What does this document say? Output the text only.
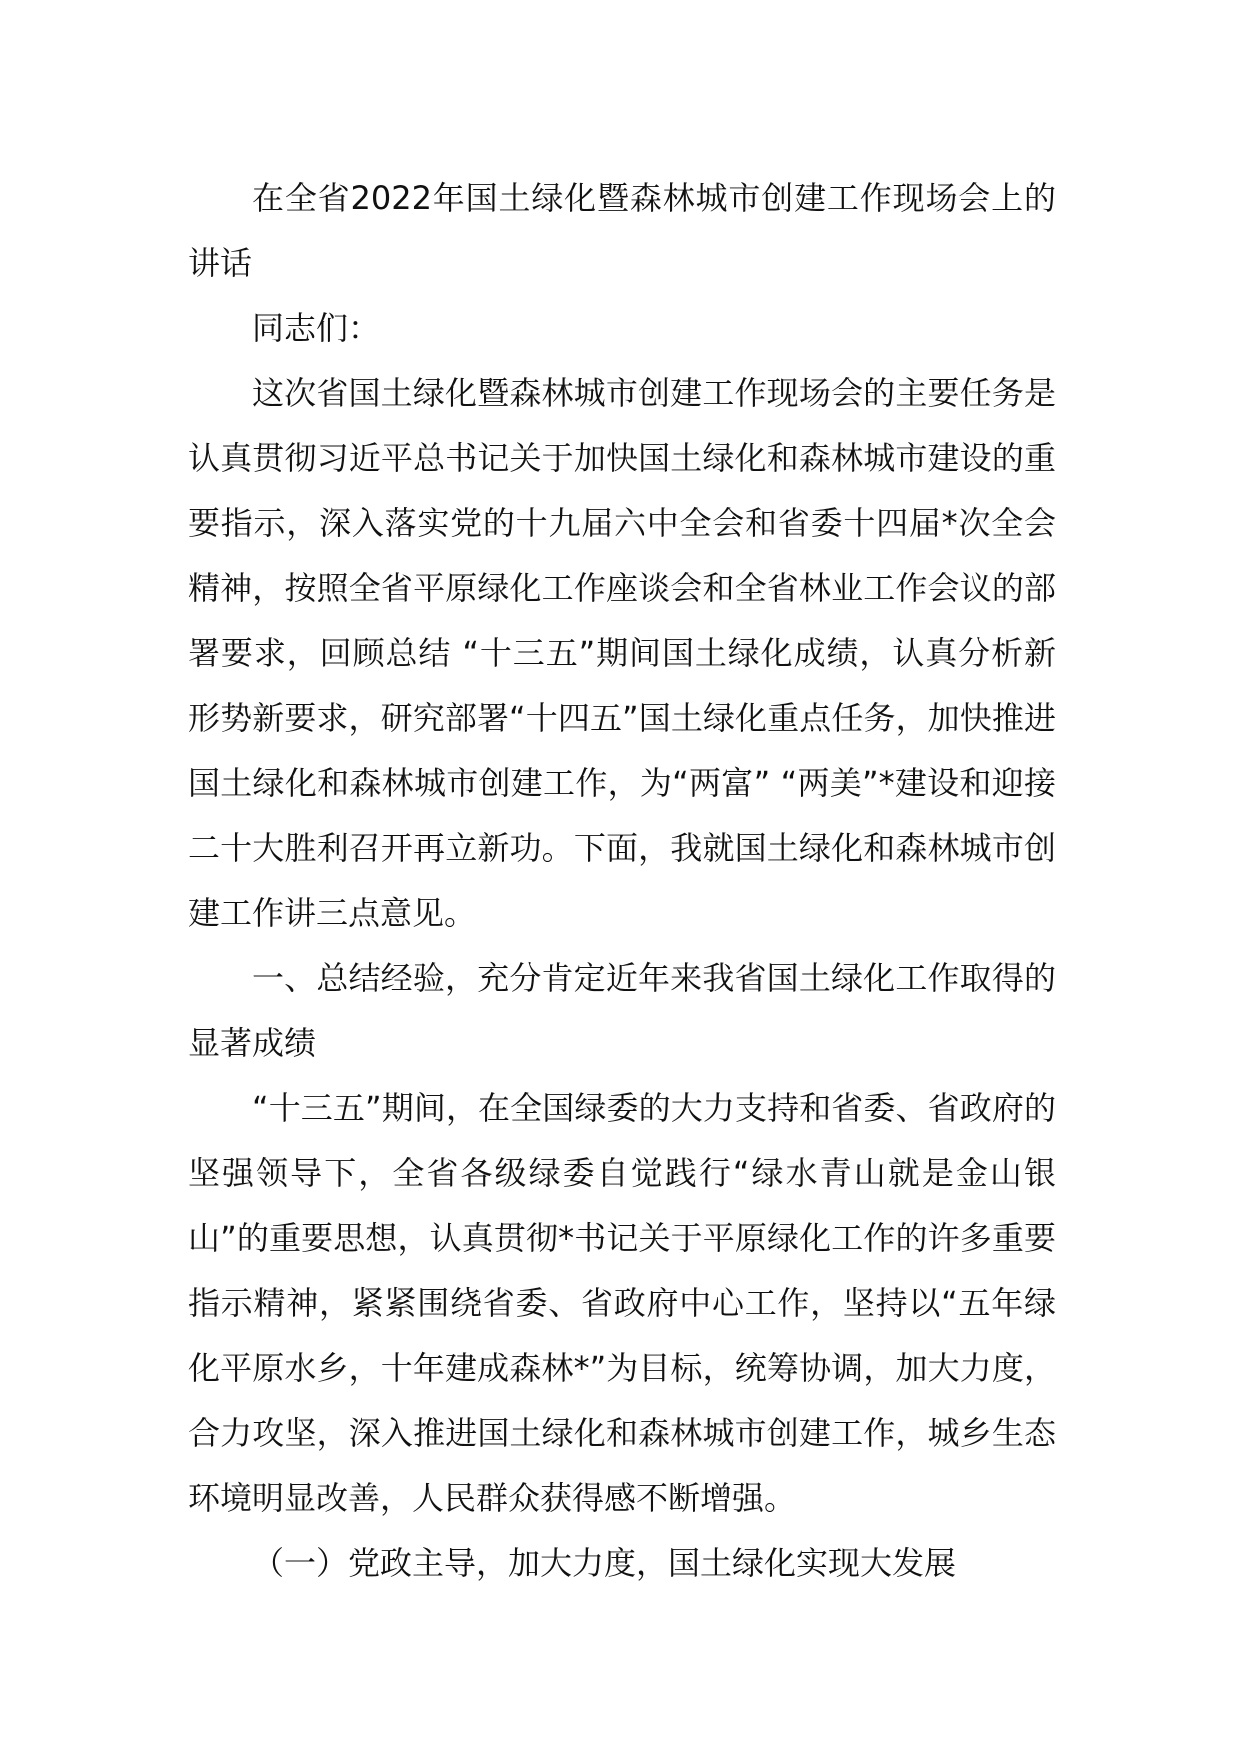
在全省2022年国土绿化暨森林城市创建工作现场会上的讲话

同志们：

这次省国土绿化暨森林城市创建工作现场会的主要任务是认真贯彻习近平总书记关于加快国土绿化和森林城市建设的重要指示，深入落实党的十九届六中全会和省委十四届*次全会精神，按照全省平原绿化工作座谈会和全省林业工作会议的部署要求，回顾总结 “十三五”期间国土绿化成绩，认真分析新形势新要求，研究部署“十四五”国土绿化重点任务，加快推进国土绿化和森林城市创建工作，为“两富” “两美”*建设和迎接二十大胜利召开再立新功。下面，我就国土绿化和森林城市创建工作讲三点意见。

一、总结经验，充分肯定近年来我省国土绿化工作取得的显著成绩

“十三五”期间，在全国绿委的大力支持和省委、省政府的坚强领导下，全省各级绿委自觉践行“绿水青山就是金山银山”的重要思想，认真贯彻*书记关于平原绿化工作的许多重要指示精神，紧紧围绕省委、省政府中心工作，坚持以“五年绿化平原水乡，十年建成森林*”为目标，统筹协调，加大力度，合力攻坚，深入推进国土绿化和森林城市创建工作，城乡生态环境明显改善，人民群众获得感不断增强。

（一）党政主导，加大力度，国土绿化实现大发展
